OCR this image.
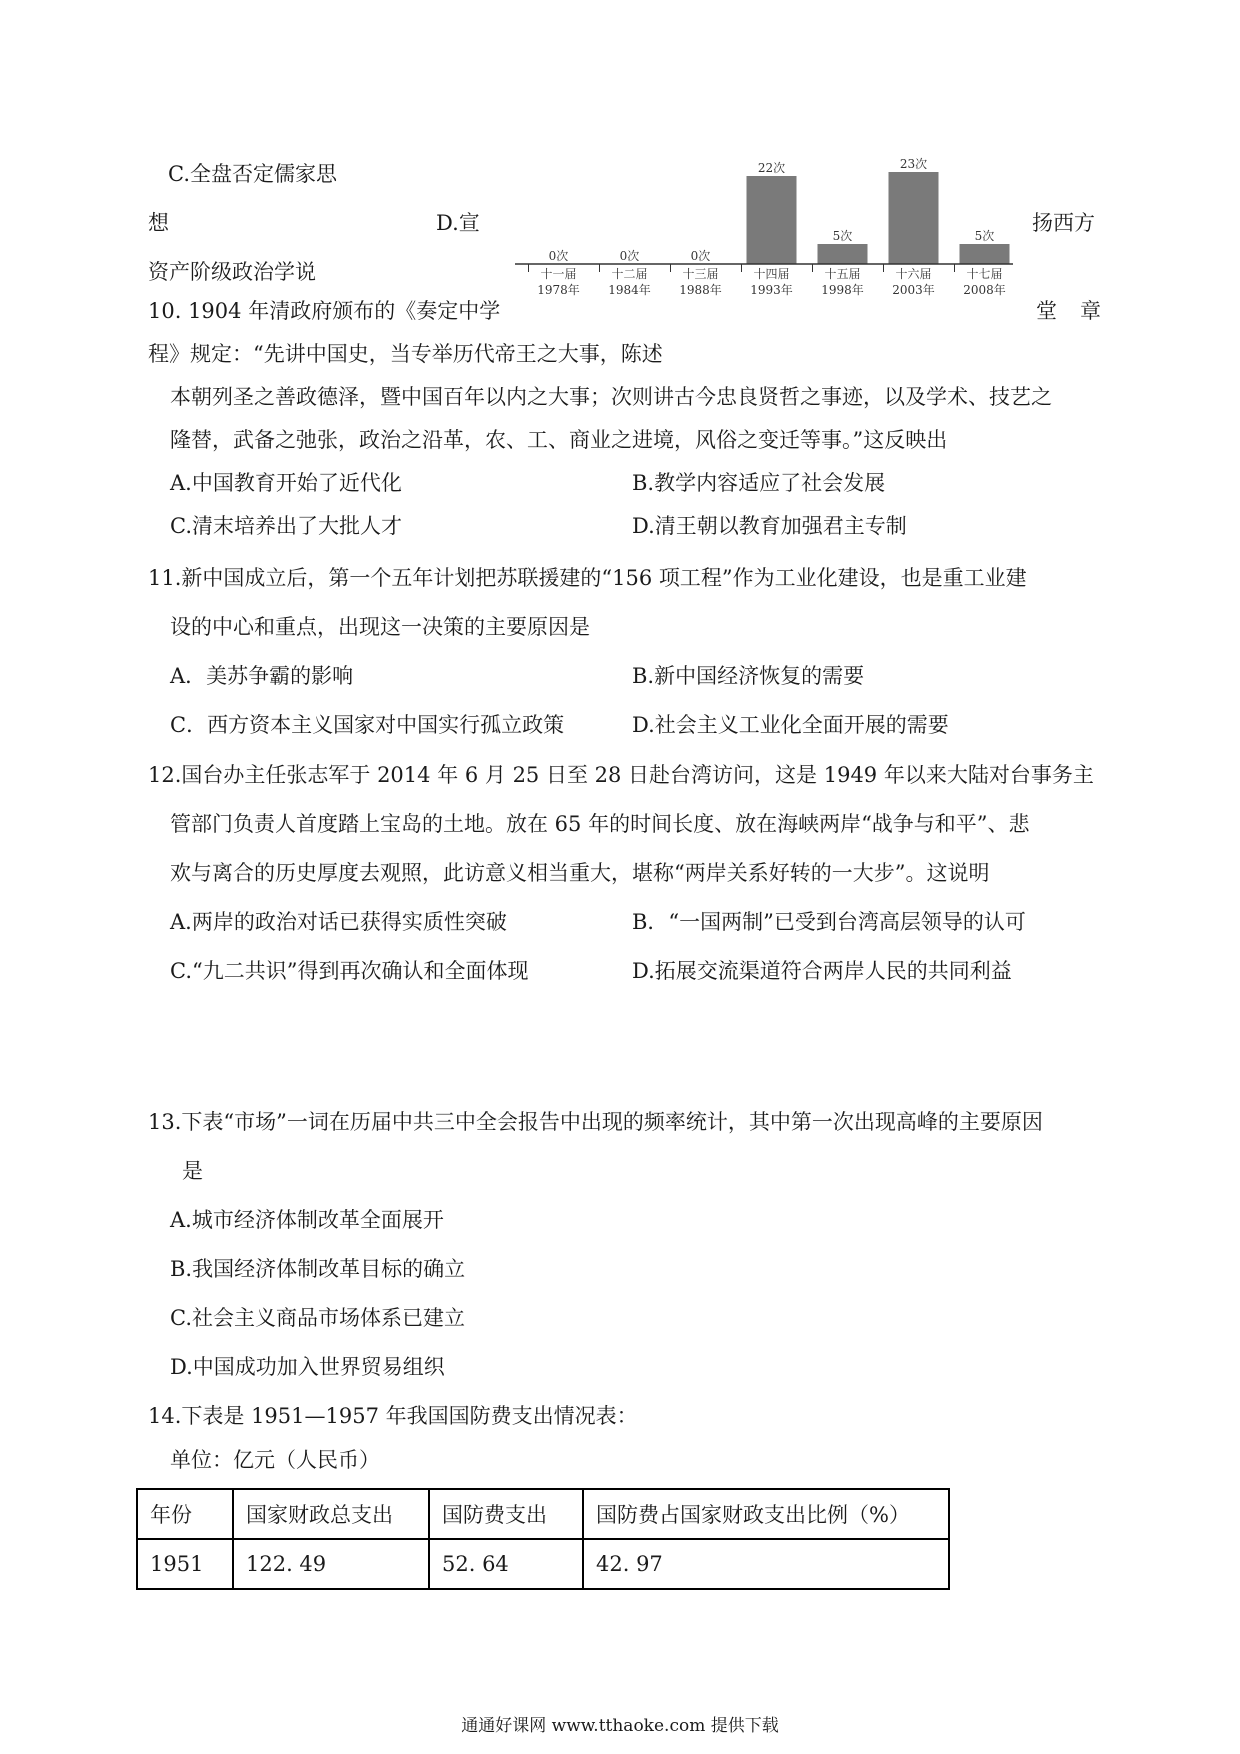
C.全盘否定儒家思
想	D.宣	扬西方
资产阶级政治学说
0次
十一届
1978年
0次
十二届
1984年
0次
十三届
1988年
22次
十四届
1993年
5次
十五届
1998年
23次
十六届
2003年
5次
十七届
2008年
10. 1904 年清政府颁布的《奏定中学	堂 章
程》规定：“先讲中国史，当专举历代帝王之大事，陈述
本朝列圣之善政德泽，暨中国百年以内之大事；次则讲古今忠良贤哲之事迹，以及学术、技艺之
隆替，武备之弛张，政治之沿革，农、工、商业之进境，风俗之变迁等事。”这反映出
A.中国教育开始了近代化	B.教学内容适应了社会发展
C.清末培养出了大批人才	D.清王朝以教育加强君主专制
11.新中国成立后，第一个五年计划把苏联援建的“156 项工程”作为工业化建设，也是重工业建
设的中心和重点，出现这一决策的主要原因是
A．美苏争霸的影响	B.新中国经济恢复的需要
C．西方资本主义国家对中国实行孤立政策	D.社会主义工业化全面开展的需要
12.国台办主任张志军于 2014 年 6 月 25 日至 28 日赴台湾访问，这是 1949 年以来大陆对台事务主
管部门负责人首度踏上宝岛的土地。放在 65 年的时间长度、放在海峡两岸“战争与和平”、悲
欢与离合的历史厚度去观照，此访意义相当重大，堪称“两岸关系好转的一大步”。这说明
A.两岸的政治对话已获得实质性突破	B．“一国两制”已受到台湾高层领导的认可
C.“九二共识”得到再次确认和全面体现	D.拓展交流渠道符合两岸人民的共同利益
13.下表“市场”一词在历届中共三中全会报告中出现的频率统计，其中第一次出现高峰的主要原因
是
A.城市经济体制改革全面展开
B.我国经济体制改革目标的确立
C.社会主义商品市场体系已建立
D.中国成功加入世界贸易组织
14.下表是 1951—1957 年我国国防费支出情况表：
单位：亿元（人民币）
年份	国家财政总支出	国防费支出	国防费占国家财政支出比例（%）
1951	122. 49	52. 64	42. 97
通通好课网 www.tthaoke.com 提供下载
